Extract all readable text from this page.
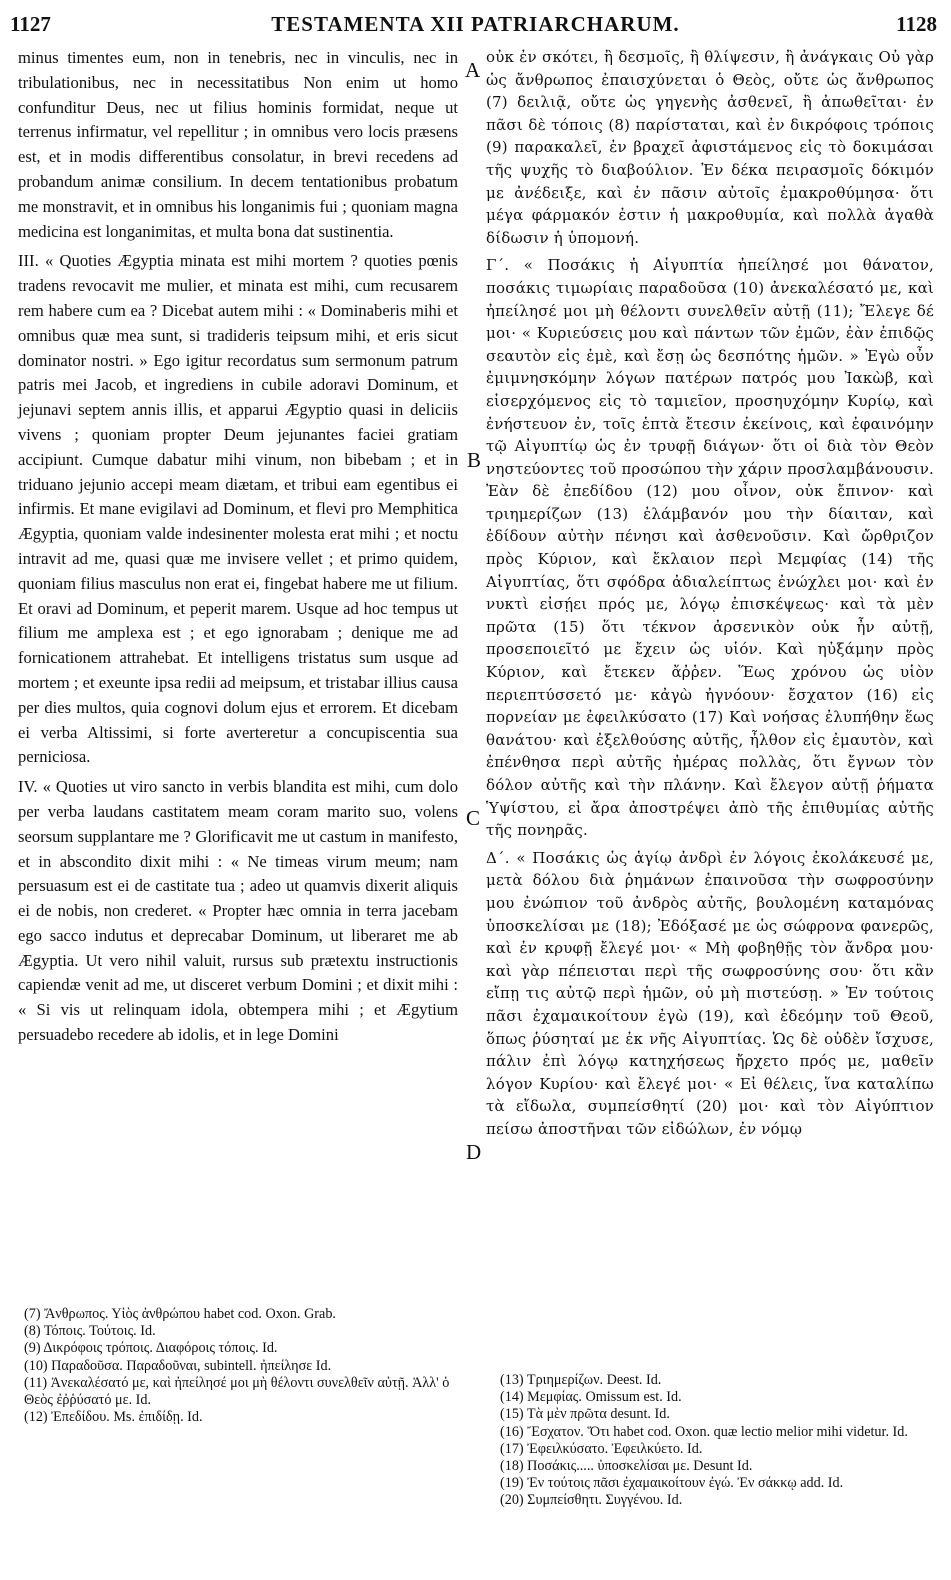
TESTAMENTA XII PATRIARCHARUM.
1127	1128

minus timentes eum, non in tenebris, nec in vinculis, nec in tribulationibus, nec in necessitatibus Non enim ut homo confunditur Deus, nec ut filius hominis formidat, neque ut terrenus infirmatur, vel repellitur ; in omnibus vero locis præsens est, et in modis differentibus consolatur, in brevi recedens ad probandum animæ consilium. In decem tentationibus probatum me monstravit, et in omnibus his longanimis fui ; quoniam magna medicina est longanimitas, et multa bona dat sustinentia.

III. « Quoties Ægyptia minata est mihi mortem ? quoties pœnis tradens revocavit me mulier, et minata est mihi, cum recusarem rem habere cum ea ? Dicebat autem mihi : « Dominaberis mihi et omnibus quæ mea sunt, si tradideris teipsum mihi, et eris sicut dominator nostri. » Ego igitur recordatus sum sermonum patrum patris mei Jacob, et ingrediens in cubile adoravi Dominum, et jejunavi septem annis illis, et apparui Ægyptio quasi in deliciis vivens ; quoniam propter Deum jejunantes faciei gratiam accipiunt. Cumque dabatur mihi vinum, non bibebam ; et in triduano jejunio accepi meam diætam, et tribui eam egentibus ei infirmis. Et mane evigilavi ad Dominum, et flevi pro Memphitica Ægyptia, quoniam valde indesinenter molesta erat mihi ; et noctu intravit ad me, quasi quæ me invisere vellet ; et primo quidem, quoniam filius masculus non erat ei, fingebat habere me ut filium. Et oravi ad Dominum, et peperit marem. Usque ad hoc tempus ut filium me amplexa est ; et ego ignorabam ; denique me ad fornicationem attrahebat. Et intelligens tristatus sum usque ad mortem ; et exeunte ipsa redii ad meipsum, et tristabar illius causa per dies multos, quia cognovi dolum ejus et errorem. Et dicebam ei verba Altissimi, si forte averteretur a concupiscentia sua perniciosa.

IV. « Quoties ut viro sancto in verbis blandita est mihi, cum dolo per verba laudans castitatem meam coram marito suo, volens seorsum supplantare me ? Glorificavit me ut castum in manifesto, et in abscondito dixit mihi : « Ne timeas virum meum; nam persuasum est ei de castitate tua ; adeo ut quamvis dixerit aliquis ei de nobis, non crederet. « Propter hæc omnia in terra jacebam ego sacco indutus et deprecabar Dominum, ut liberaret me ab Ægyptia. Ut vero nihil valuit, rursus sub prætextu instructionis capiendæ venit ad me, ut disceret verbum Domini ; et dixit mihi : « Si vis ut relinquam idola, obtempera mihi ; et Ægytium persuadebo recedere ab idolis, et in lege Domini

A
B
C
D

οὐκ ἐν σκότει, ἢ δεσμοῖς, ἢ θλίψεσιν, ἢ ἀνάγκαις Οὐ γὰρ ὡς ἄνθρωπος ἐπαισχύνεται ὁ Θεὸς, οὔτε ὡς ἄνθρωπος (7) δειλιᾷ, οὔτε ὡς γηγενὴς ἀσθενεῖ, ἢ ἀπωθεῖται· ἐν πᾶσι δὲ τόποις (8) παρίσταται, καὶ ἐν δικρόφοις τρόποις (9) παρακαλεῖ, ἐν βραχεῖ ἀφιστάμενος εἰς τὸ δοκιμάσαι τῆς ψυχῆς τὸ διαβούλιον. Ἐν δέκα πειρασμοῖς δόκιμόν με ἀνέδειξε, καὶ ἐν πᾶσιν αὐτοῖς ἐμακροθύμησα· ὅτι μέγα φάρμακόν ἐστιν ἡ μακροθυμία, καὶ πολλὰ ἀγαθὰ δίδωσιν ἡ ὑπομονή.

Γ΄. « Ποσάκις ἡ Αἰγυπτία ἠπείλησέ μοι θάνατον, ποσάκις τιμωρίαις παραδοῦσα (10) ἀνεκαλέσατό με, καὶ ἠπείλησέ μοι μὴ θέλοντι συνελθεῖν αὐτῇ (11); Ἔλεγε δέ μοι· « Κυριεύσεις μου καὶ πάντων τῶν ἐμῶν, ἐὰν ἐπιδῷς σεαυτὸν εἰς ἐμὲ, καὶ ἔσῃ ὡς δεσπότης ἡμῶν. » Ἐγὼ οὖν ἐμιμνησκόμην λόγων πατέρων πατρός μου Ἰακὼβ, καὶ εἰσερχόμενος εἰς τὸ ταμιεῖον, προσηυχόμην Κυρίῳ, καὶ ἐνήστευον ἐν, τοῖς ἑπτὰ ἔτεσιν ἐκείνοις, καὶ ἐφαινόμην τῷ Αἰγυπτίῳ ὡς ἐν τρυφῇ διάγων· ὅτι οἱ διὰ τὸν Θεὸν νηστεύοντες τοῦ προσώπου τὴν χάριν προσλαμβάνουσιν. Ἐὰν δὲ ἐπεδίδου (12) μου οἶνον, οὐκ ἔπινον· καὶ τριημερίζων (13) ἐλάμβανόν μου τὴν δίαιταν, καὶ ἐδίδουν αὐτὴν πένησι καὶ ἀσθενοῦσιν. Καὶ ὤρθριζον πρὸς Κύριον, καὶ ἔκλαιον περὶ Μεμφίας (14) τῆς Αἰγυπτίας, ὅτι σφόδρα ἀδιαλείπτως ἐνώχλει μοι· καὶ ἐν νυκτὶ εἰσῄει πρός με, λόγῳ ἐπισκέψεως· καὶ τὰ μὲν πρῶτα (15) ὅτι τέκνον ἀρσενικὸν οὐκ ἦν αὐτῇ, προσεποιεῖτό με ἔχειν ὡς υἱόν. Καὶ ηὐξάμην πρὸς Κύριον, καὶ ἔτεκεν ἄῤῥεν. Ἕως χρόνου ὡς υἱὸν περιεπτύσσετό με· κἀγὼ ἠγνόουν· ἔσχατον (16) εἰς πορνείαν με ἐφειλκύσατο (17) Καὶ νοήσας ἐλυπήθην ἕως θανάτου· καὶ ἐξελθούσης αὐτῆς, ἦλθον εἰς ἐμαυτὸν, καὶ ἐπένθησα περὶ αὐτῆς ἡμέρας πολλὰς, ὅτι ἔγνων τὸν δόλον αὐτῆς καὶ τὴν πλάνην. Καὶ ἔλεγον αὐτῇ ῥήματα Ὑψίστου, εἰ ἄρα ἀποστρέψει ἀπὸ τῆς ἐπιθυμίας αὐτῆς τῆς πονηρᾶς.

Δ΄. « Ποσάκις ὡς ἁγίῳ ἀνδρὶ ἐν λόγοις ἐκολάκευσέ με, μετὰ δόλου διὰ ῥημάνων ἐπαινοῦσα τὴν σωφροσύνην μου ἐνώπιον τοῦ ἀνδρὸς αὐτῆς, βουλομένη καταμόνας ὑποσκελίσαι με (18); Ἐδόξασέ με ὡς σώφρονα φανερῶς, καὶ ἐν κρυφῇ ἔλεγέ μοι· « Μὴ φοβηθῇς τὸν ἄνδρα μου· καὶ γὰρ πέπεισται περὶ τῆς σωφροσύνης σου· ὅτι κἂν εἴπῃ τις αὐτῷ περὶ ἡμῶν, οὐ μὴ πιστεύσῃ. » Ἐν τούτοις πᾶσι ἐχαμαικοίτουν ἐγὼ (19), καὶ ἐδεόμην τοῦ Θεοῦ, ὅπως ῥύσηταί με ἐκ νῆς Αἰγυπτίας. Ὡς δὲ οὐδὲν ἴσχυσε, πάλιν ἐπὶ λόγῳ κατηχήσεως ἤρχετο πρός με, μαθεῖν λόγον Κυρίου· καὶ ἔλεγέ μοι· « Εἰ θέλεις, ἵνα καταλίπω τὰ εἴδωλα, συμπείσθητί (20) μοι· καὶ τὸν Αἰγύπτιον πείσω ἀποστῆναι τῶν εἰδώλων, ἐν νόμῳ

(7) Ἄνθρωπος. Υἱὸς ἀνθρώπου habet cod. Oxon. Grab.
(8) Τόποις. Τούτοις. Id.
(9) Δικρόφοις τρόποις. Διαφόροις τόποις. Id.
(10) Παραδοῦσα. Παραδοῦναι, subintell. ἠπείλησε Id.
(11) Ἀνεκαλέσατό με, καὶ ἠπείλησέ μοι μὴ θέλοντι συνελθεῖν αὐτῇ. Ἀλλ' ὁ Θεὸς ἐῤῥύσατό με. Id.
(12) Ἐπεδίδου. Ms. ἐπιδίδῃ. Id.
(13) Τριημερίζων. Deest. Id.
(14) Μεμφίας. Omissum est. Id.
(15) Τὰ μὲν πρῶτα desunt. Id.
(16) Ἔσχατον. Ὅτι habet cod. Oxon. quæ lectio melior mihi videtur. Id.
(17) Ἐφειλκύσατο. Ἐφειλκύετο. Id.
(18) Ποσάκις..... ὑποσκελίσαι με. Desunt Id.
(19) Ἐν τούτοις πᾶσι ἐχαμαικοίτουν ἐγώ. Ἐν σάκκῳ add. Id.
(20) Συμπείσθητι. Συγγένου. Id.
